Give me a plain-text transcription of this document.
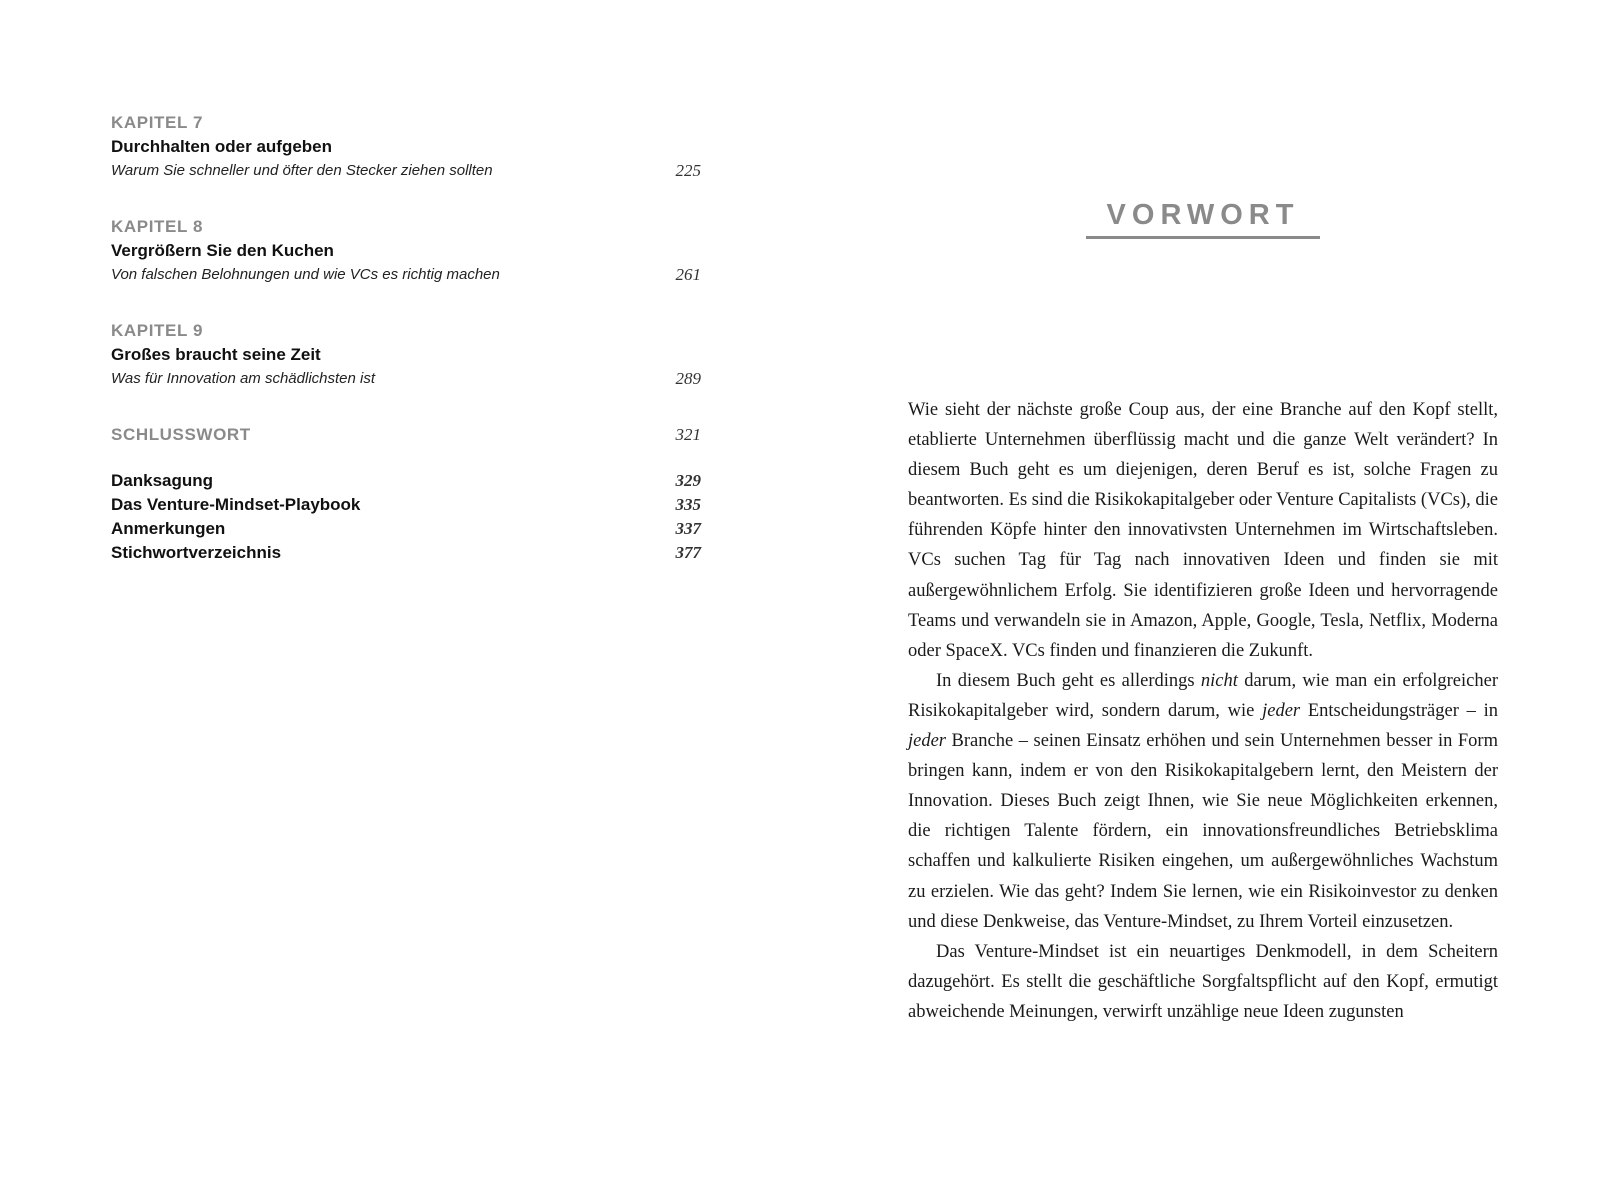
KAPITEL 7
Durchhalten oder aufgeben
Warum Sie schneller und öfter den Stecker ziehen sollten	225
KAPITEL 8
Vergrößern Sie den Kuchen
Von falschen Belohnungen und wie VCs es richtig machen	261
KAPITEL 9
Großes braucht seine Zeit
Was für Innovation am schädlichsten ist	289
SCHLUSSWORT	321
Danksagung	329
Das Venture-Mindset-Playbook	335
Anmerkungen	337
Stichwortverzeichnis	377
VORWORT

Wie sieht der nächste große Coup aus, der eine Branche auf den Kopf stellt, etablierte Unternehmen überflüssig macht und die ganze Welt verändert? In diesem Buch geht es um diejenigen, deren Beruf es ist, solche Fragen zu beantworten. Es sind die Risikokapitalgeber oder Venture Capitalists (VCs), die führenden Köpfe hinter den innovativsten Unternehmen im Wirtschaftsleben. VCs suchen Tag für Tag nach innovativen Ideen und finden sie mit außergewöhnlichem Erfolg. Sie identifizieren große Ideen und hervorragende Teams und verwandeln sie in Amazon, Apple, Google, Tesla, Netflix, Moderna oder SpaceX. VCs finden und finanzieren die Zukunft.

In diesem Buch geht es allerdings nicht darum, wie man ein erfolgreicher Risikokapitalgeber wird, sondern darum, wie jeder Entscheidungsträger – in jeder Branche – seinen Einsatz erhöhen und sein Unternehmen besser in Form bringen kann, indem er von den Risikokapitalgebern lernt, den Meistern der Innovation. Dieses Buch zeigt Ihnen, wie Sie neue Möglichkeiten erkennen, die richtigen Talente fördern, ein innovationsfreundliches Betriebsklima schaffen und kalkulierte Risiken eingehen, um außergewöhnliches Wachstum zu erzielen. Wie das geht? Indem Sie lernen, wie ein Risikoinvestor zu denken und diese Denkweise, das Venture-Mindset, zu Ihrem Vorteil einzusetzen.

Das Venture-Mindset ist ein neuartiges Denkmodell, in dem Scheitern dazugehört. Es stellt die geschäftliche Sorgfaltspflicht auf den Kopf, ermutigt abweichende Meinungen, verwirft unzählige neue Ideen zugunsten
